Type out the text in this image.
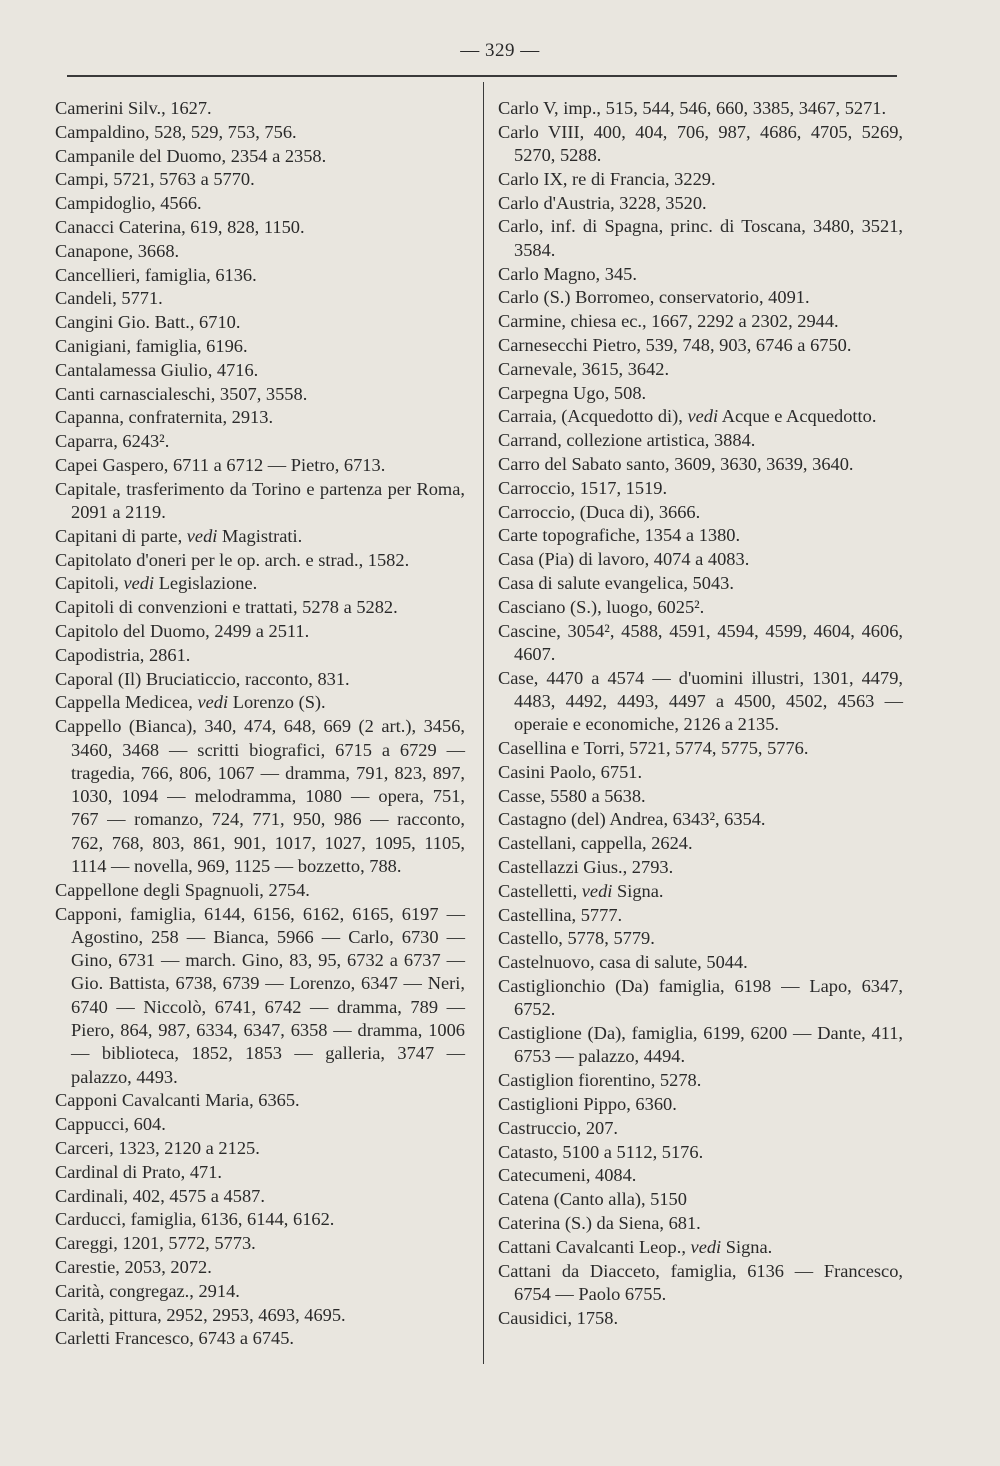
— 329 —
Camerini Silv., 1627.
Campaldino, 528, 529, 753, 756.
Campanile del Duomo, 2354 a 2358.
Campi, 5721, 5763 a 5770.
Campidoglio, 4566.
Canacci Caterina, 619, 828, 1150.
Canapone, 3668.
Cancellieri, famiglia, 6136.
Candeli, 5771.
Cangini Gio. Batt., 6710.
Canigiani, famiglia, 6196.
Cantalamessa Giulio, 4716.
Canti carnascialeschi, 3507, 3558.
Capanna, confraternita, 2913.
Caparra, 6243².
Capei Gaspero, 6711 a 6712 — Pietro, 6713.
Capitale, trasferimento da Torino e partenza per Roma, 2091 a 2119.
Capitani di parte, vedi Magistrati.
Capitolato d'oneri per le op. arch. e strad., 1582.
Capitoli, vedi Legislazione.
Capitoli di convenzioni e trattati, 5278 a 5282.
Capitolo del Duomo, 2499 a 2511.
Capodistria, 2861.
Caporal (Il) Bruciaticcio, racconto, 831.
Cappella Medicea, vedi Lorenzo (S).
Cappello (Bianca), 340, 474, 648, 669 (2 art.), 3456, 3460, 3468 — scritti biografici, 6715 a 6729 — tragedia, 766, 806, 1067 — dramma, 791, 823, 897, 1030, 1094 — melodramma, 1080 — opera, 751, 767 — romanzo, 724, 771, 950, 986 — racconto, 762, 768, 803, 861, 901, 1017, 1027, 1095, 1105, 1114 — novella, 969, 1125 — bozzetto, 788.
Cappellone degli Spagnuoli, 2754.
Capponi, famiglia, 6144, 6156, 6162, 6165, 6197 — Agostino, 258 — Bianca, 5966 — Carlo, 6730 — Gino, 6731 — march. Gino, 83, 95, 6732 a 6737 — Gio. Battista, 6738, 6739 — Lorenzo, 6347 — Neri, 6740 — Niccolò, 6741, 6742 — dramma, 789 — Piero, 864, 987, 6334, 6347, 6358 — dramma, 1006 — biblioteca, 1852, 1853 — galleria, 3747 — palazzo, 4493.
Capponi Cavalcanti Maria, 6365.
Cappucci, 604.
Carceri, 1323, 2120 a 2125.
Cardinal di Prato, 471.
Cardinali, 402, 4575 a 4587.
Carducci, famiglia, 6136, 6144, 6162.
Careggi, 1201, 5772, 5773.
Carestie, 2053, 2072.
Carità, congregaz., 2914.
Carità, pittura, 2952, 2953, 4693, 4695.
Carletti Francesco, 6743 a 6745.
Carlo V, imp., 515, 544, 546, 660, 3385, 3467, 5271.
Carlo VIII, 400, 404, 706, 987, 4686, 4705, 5269, 5270, 5288.
Carlo IX, re di Francia, 3229.
Carlo d'Austria, 3228, 3520.
Carlo, inf. di Spagna, princ. di Toscana, 3480, 3521, 3584.
Carlo Magno, 345.
Carlo (S.) Borromeo, conservatorio, 4091.
Carmine, chiesa ec., 1667, 2292 a 2302, 2944.
Carnesecchi Pietro, 539, 748, 903, 6746 a 6750.
Carnevale, 3615, 3642.
Carpegna Ugo, 508.
Carraia, (Acquedotto di), vedi Acque e Acquedotto.
Carrand, collezione artistica, 3884.
Carro del Sabato santo, 3609, 3630, 3639, 3640.
Carroccio, 1517, 1519.
Carroccio, (Duca di), 3666.
Carte topografiche, 1354 a 1380.
Casa (Pia) di lavoro, 4074 a 4083.
Casa di salute evangelica, 5043.
Casciano (S.), luogo, 6025².
Cascine, 3054², 4588, 4591, 4594, 4599, 4604, 4606, 4607.
Case, 4470 a 4574 — d'uomini illustri, 1301, 4479, 4483, 4492, 4493, 4497 a 4500, 4502, 4563 — operaie e economiche, 2126 a 2135.
Casellina e Torri, 5721, 5774, 5775, 5776.
Casini Paolo, 6751.
Casse, 5580 a 5638.
Castagno (del) Andrea, 6343², 6354.
Castellani, cappella, 2624.
Castellazzi Gius., 2793.
Castelletti, vedi Signa.
Castellina, 5777.
Castello, 5778, 5779.
Castelnuovo, casa di salute, 5044.
Castiglionchio (Da) famiglia, 6198 — Lapo, 6347, 6752.
Castiglione (Da), famiglia, 6199, 6200 — Dante, 411, 6753 — palazzo, 4494.
Castiglion fiorentino, 5278.
Castiglioni Pippo, 6360.
Castruccio, 207.
Catasto, 5100 a 5112, 5176.
Catecumeni, 4084.
Catena (Canto alla), 5150
Caterina (S.) da Siena, 681.
Cattani Cavalcanti Leop., vedi Signa.
Cattani da Diacceto, famiglia, 6136 — Francesco, 6754 — Paolo 6755.
Causidici, 1758.
